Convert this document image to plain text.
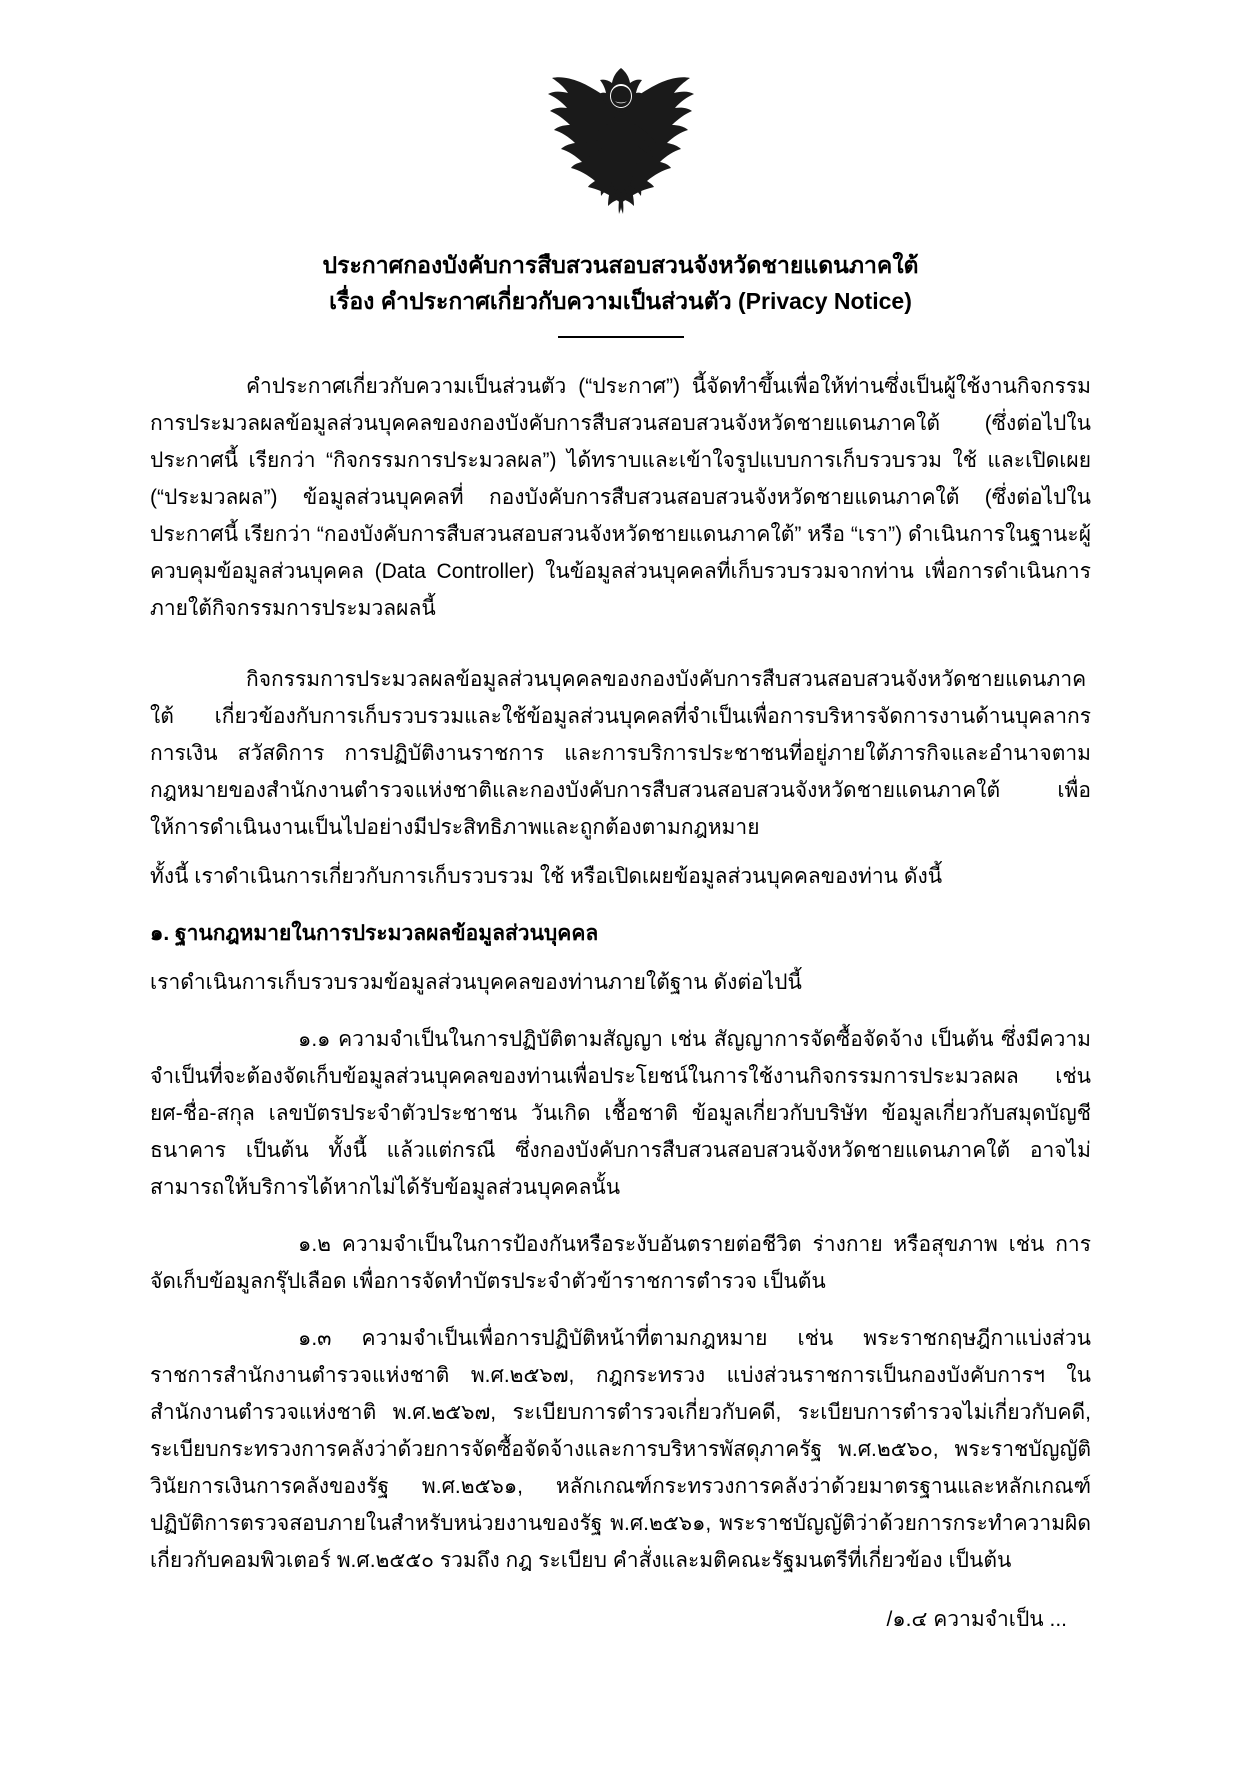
ประกาศกองบังคับการสืบสวนสอบสวนจังหวัดชายแดนภาคใต้
เรื่อง คำประกาศเกี่ยวกับความเป็นส่วนตัว (Privacy Notice)

คำประกาศเกี่ยวกับความเป็นส่วนตัว (“ประกาศ”) นี้จัดทำขึ้นเพื่อให้ท่านซึ่งเป็นผู้ใช้งานกิจกรรมการประมวลผลข้อมูลส่วนบุคคลของกองบังคับการสืบสวนสอบสวนจังหวัดชายแดนภาคใต้ (ซึ่งต่อไปในประกาศนี้ เรียกว่า “กิจกรรมการประมวลผล”) ได้ทราบและเข้าใจรูปแบบการเก็บรวบรวม ใช้ และเปิดเผย (“ประมวลผล”) ข้อมูลส่วนบุคคลที่ กองบังคับการสืบสวนสอบสวนจังหวัดชายแดนภาคใต้ (ซึ่งต่อไปในประกาศนี้ เรียกว่า “กองบังคับการสืบสวนสอบสวนจังหวัดชายแดนภาคใต้” หรือ “เรา”) ดำเนินการในฐานะผู้ควบคุมข้อมูลส่วนบุคคล (Data Controller) ในข้อมูลส่วนบุคคลที่เก็บรวบรวมจากท่าน เพื่อการดำเนินการภายใต้กิจกรรมการประมวลผลนี้

กิจกรรมการประมวลผลข้อมูลส่วนบุคคลของกองบังคับการสืบสวนสอบสวนจังหวัดชายแดนภาคใต้ เกี่ยวข้องกับการเก็บรวบรวมและใช้ข้อมูลส่วนบุคคลที่จำเป็นเพื่อการบริหารจัดการงานด้านบุคลากร การเงิน สวัสดิการ การปฏิบัติงานราชการ และการบริการประชาชนที่อยู่ภายใต้ภารกิจและอำนาจตามกฎหมายของสำนักงานตำรวจแห่งชาติและกองบังคับการสืบสวนสอบสวนจังหวัดชายแดนภาคใต้ เพื่อให้การดำเนินงานเป็นไปอย่างมีประสิทธิภาพและถูกต้องตามกฎหมาย

ทั้งนี้ เราดำเนินการเกี่ยวกับการเก็บรวบรวม ใช้ หรือเปิดเผยข้อมูลส่วนบุคคลของท่าน ดังนี้

๑. ฐานกฎหมายในการประมวลผลข้อมูลส่วนบุคคล

เราดำเนินการเก็บรวบรวมข้อมูลส่วนบุคคลของท่านภายใต้ฐาน ดังต่อไปนี้

๑.๑ ความจำเป็นในการปฏิบัติตามสัญญา เช่น สัญญาการจัดซื้อจัดจ้าง เป็นต้น ซึ่งมีความจำเป็นที่จะต้องจัดเก็บข้อมูลส่วนบุคคลของท่านเพื่อประโยชน์ในการใช้งานกิจกรรมการประมวลผล เช่น ยศ-ชื่อ-สกุล เลขบัตรประจำตัวประชาชน วันเกิด เชื้อชาติ ข้อมูลเกี่ยวกับบริษัท ข้อมูลเกี่ยวกับสมุดบัญชีธนาคาร เป็นต้น ทั้งนี้ แล้วแต่กรณี ซึ่งกองบังคับการสืบสวนสอบสวนจังหวัดชายแดนภาคใต้ อาจไม่สามารถให้บริการได้หากไม่ได้รับข้อมูลส่วนบุคคลนั้น

๑.๒ ความจำเป็นในการป้องกันหรือระงับอันตรายต่อชีวิต ร่างกาย หรือสุขภาพ เช่น การจัดเก็บข้อมูลกรุ๊ปเลือด เพื่อการจัดทำบัตรประจำตัวข้าราชการตำรวจ เป็นต้น

๑.๓ ความจำเป็นเพื่อการปฏิบัติหน้าที่ตามกฎหมาย เช่น พระราชกฤษฎีกาแบ่งส่วนราชการสำนักงานตำรวจแห่งชาติ พ.ศ.๒๕๖๗, กฎกระทรวง แบ่งส่วนราชการเป็นกองบังคับการฯ ในสำนักงานตำรวจแห่งชาติ พ.ศ.๒๕๖๗, ระเบียบการตำรวจเกี่ยวกับคดี, ระเบียบการตำรวจไม่เกี่ยวกับคดี, ระเบียบกระทรวงการคลังว่าด้วยการจัดซื้อจัดจ้างและการบริหารพัสดุภาครัฐ พ.ศ.๒๕๖๐, พระราชบัญญัติวินัยการเงินการคลังของรัฐ พ.ศ.๒๕๖๑, หลักเกณฑ์กระทรวงการคลังว่าด้วยมาตรฐานและหลักเกณฑ์ปฏิบัติการตรวจสอบภายในสำหรับหน่วยงานของรัฐ พ.ศ.๒๕๖๑, พระราชบัญญัติว่าด้วยการกระทำความผิดเกี่ยวกับคอมพิวเตอร์ พ.ศ.๒๕๕๐ รวมถึง กฎ ระเบียบ คำสั่งและมติคณะรัฐมนตรีที่เกี่ยวข้อง เป็นต้น

/๑.๔ ความจำเป็น ...
